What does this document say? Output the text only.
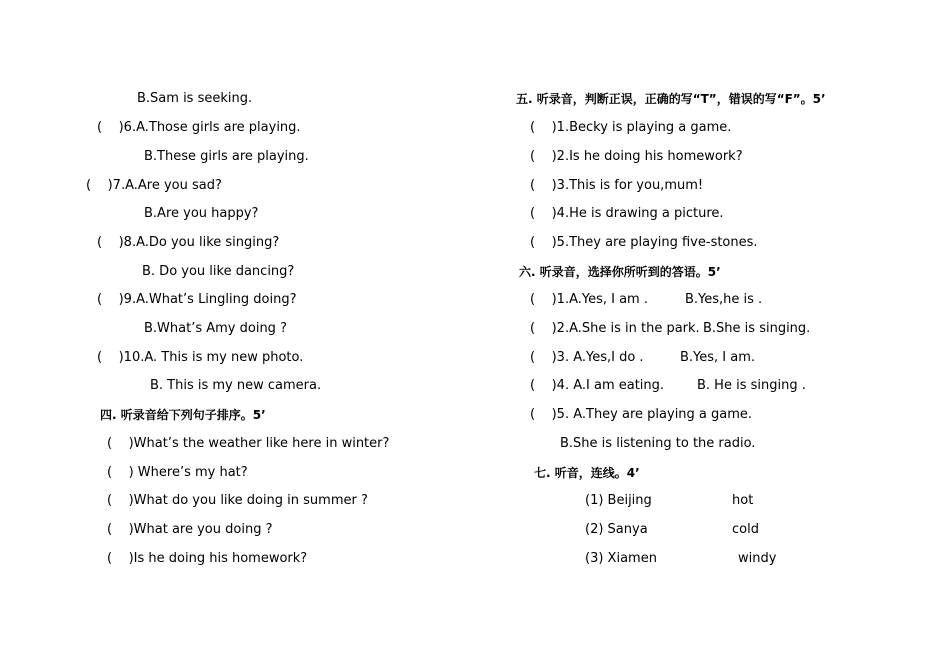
B.Sam is seeking.
(    )6.A.Those girls are playing.
B.These girls are playing.
(    )7.A.Are you sad?
B.Are you happy?
(    )8.A.Do you like singing?
B. Do you like dancing?
(    )9.A.What’s Lingling doing?
B.What’s Amy doing ?
(    )10.A. This is my new photo.
B. This is my new camera.
四. 听录音给下列句子排序。5’
(    )What’s the weather like here in winter?
(    ) Where’s my hat?
(    )What do you like doing in summer ?
(    )What are you doing ?
(    )Is he doing his homework?
五. 听录音，判断正误，正确的写“T”，错误的写“F”。5’
(    )1.Becky is playing a game.
(    )2.Is he doing his homework?
(    )3.This is for you,mum!
(    )4.He is drawing a picture.
(    )5.They are playing five-stones.
六. 听录音，选择你所听到的答语。5’
(    )1.A.Yes, I am .	B.Yes,he is .
(    )2.A.She is in the park. B.She is singing.
(    )3. A.Yes,I do .	B.Yes, I am.
(    )4. A.I am eating.	B. He is singing .
(    )5. A.They are playing a game.
B.She is listening to the radio.
七. 听音，连线。4’
(1) Beijing	hot
(2) Sanya	cold
(3) Xiamen	windy
